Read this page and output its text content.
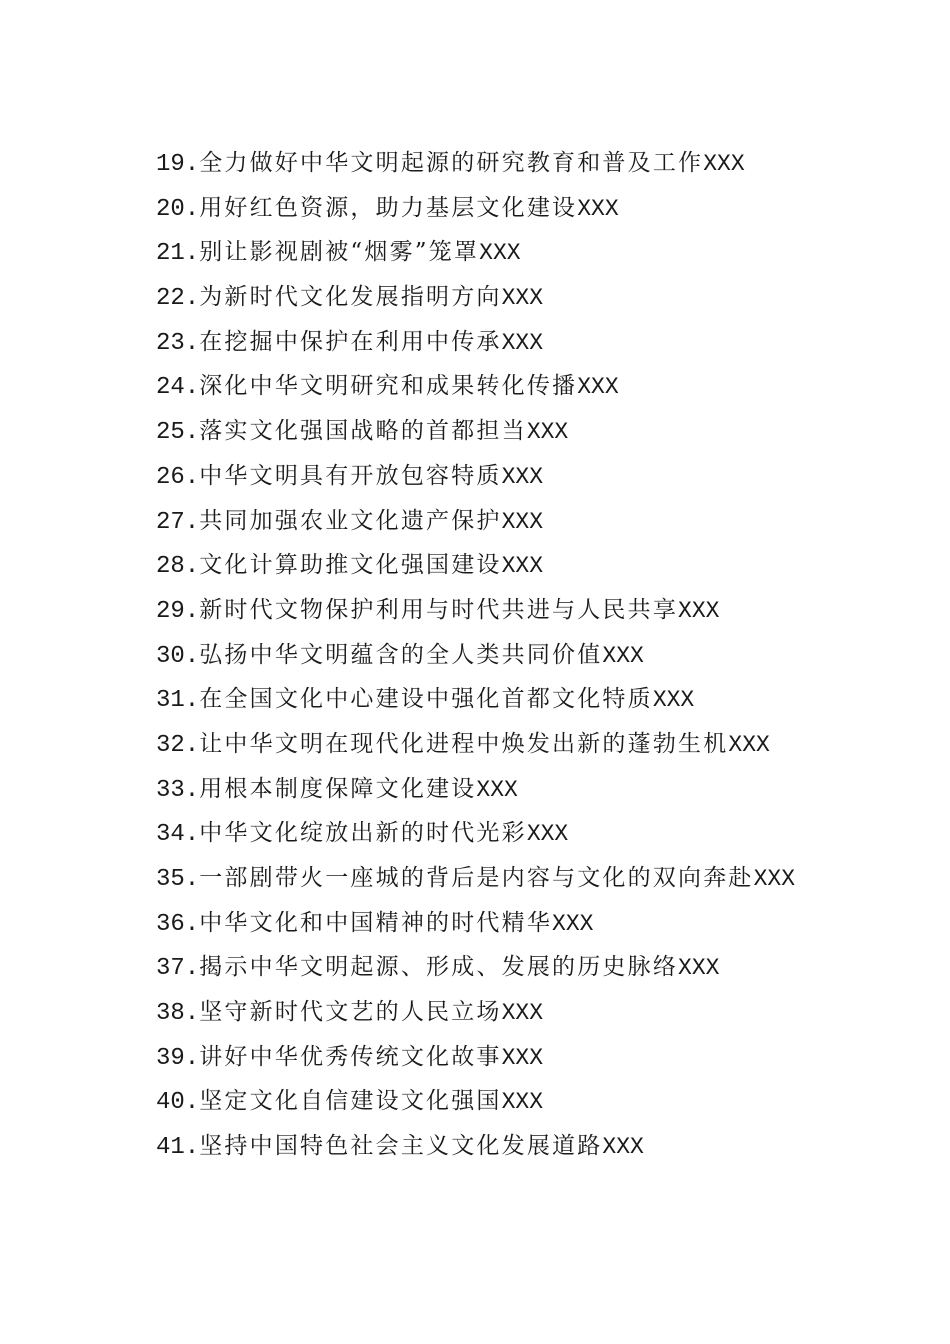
19.全力做好中华文明起源的研究教育和普及工作XXX
20.用好红色资源，助力基层文化建设XXX
21.别让影视剧被“烟雾”笼罩XXX
22.为新时代文化发展指明方向XXX
23.在挖掘中保护在利用中传承XXX
24.深化中华文明研究和成果转化传播XXX
25.落实文化强国战略的首都担当XXX
26.中华文明具有开放包容特质XXX
27.共同加强农业文化遗产保护XXX
28.文化计算助推文化强国建设XXX
29.新时代文物保护利用与时代共进与人民共享XXX
30.弘扬中华文明蕴含的全人类共同价值XXX
31.在全国文化中心建设中强化首都文化特质XXX
32.让中华文明在现代化进程中焕发出新的蓬勃生机XXX
33.用根本制度保障文化建设XXX
34.中华文化绽放出新的时代光彩XXX
35.一部剧带火一座城的背后是内容与文化的双向奔赴XXX
36.中华文化和中国精神的时代精华XXX
37.揭示中华文明起源、形成、发展的历史脉络XXX
38.坚守新时代文艺的人民立场XXX
39.讲好中华优秀传统文化故事XXX
40.坚定文化自信建设文化强国XXX
41.坚持中国特色社会主义文化发展道路XXX
